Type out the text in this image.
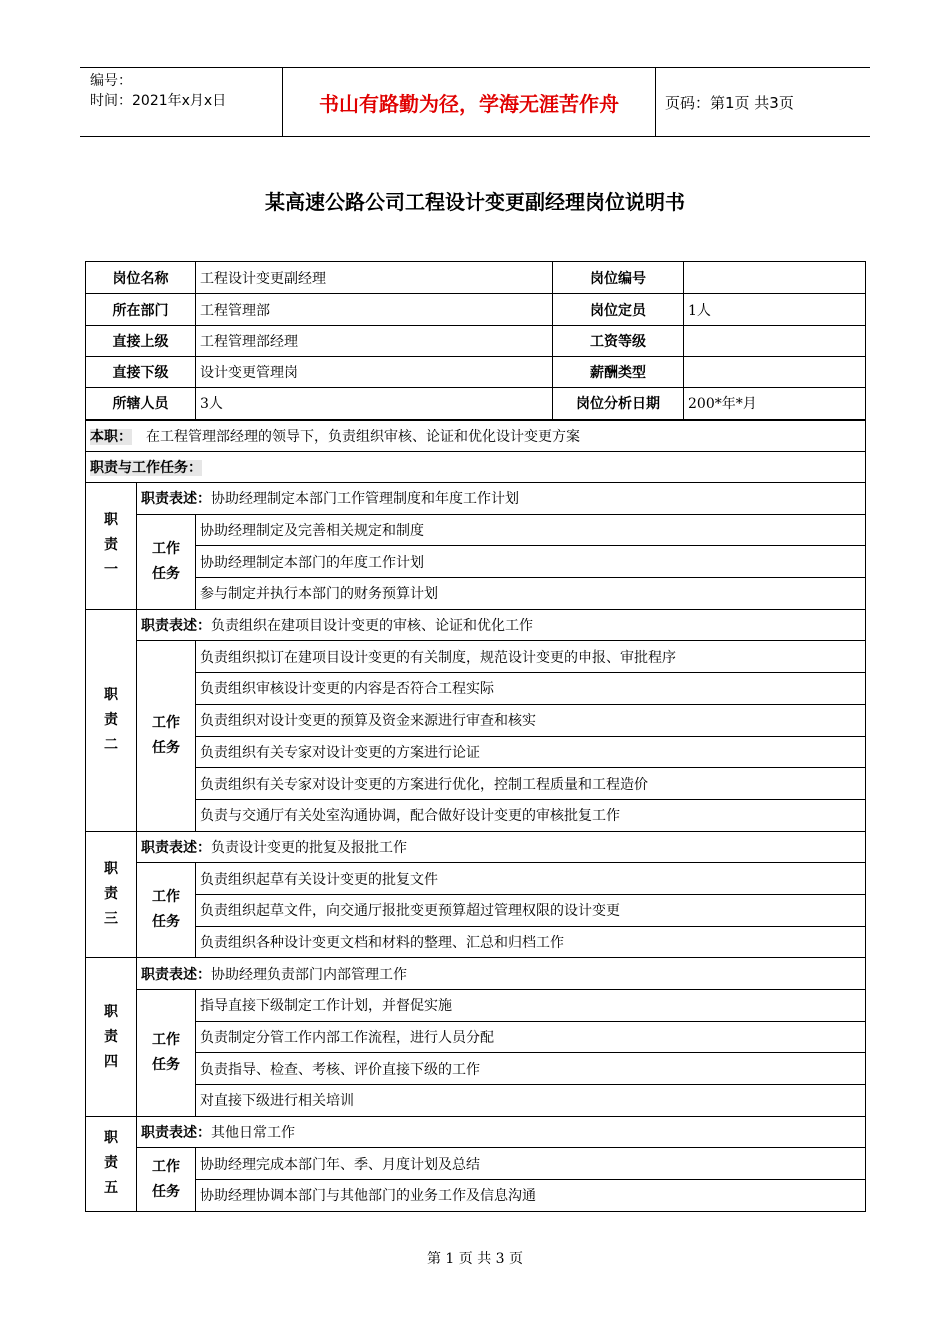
编号：
时间：2021年x月x日	书山有路勤为径，学海无涯苦作舟	页码：第1页 共3页
某高速公路公司工程设计变更副经理岗位说明书
岗位名称		工程设计变更副经理	岗位编号	
所在部门		工程管理部	岗位定员	1人
直接上级		工程管理部经理	工资等级	
直接下级		设计变更管理岗	薪酬类型	
所辖人员		3人	岗位分析日期	200*年*月
本职： 在工程管理部经理的领导下，负责组织审核、论证和优化设计变更方案				
职责与工作任务：				

职
责
一	职责表述：协助经理制定本部门工作管理制度和年度工作计划			

	工作
任务	协助经理制定及完善相关规定和制度		
		协助经理制定本部门的年度工作计划		
		参与制定并执行本部门的财务预算计划		

职
责
二	职责表述：负责组织在建项目设计变更的审核、论证和优化工作			

	工作
任务	负责组织拟订在建项目设计变更的有关制度，规范设计变更的申报、审批程序		
		负责组织审核设计变更的内容是否符合工程实际		
		负责组织对设计变更的预算及资金来源进行审查和核实		
		负责组织有关专家对设计变更的方案进行论证		
		负责组织有关专家对设计变更的方案进行优化，控制工程质量和工程造价		
		负责与交通厅有关处室沟通协调，配合做好设计变更的审核批复工作		

职
责
三	职责表述：负责设计变更的批复及报批工作			

	工作
任务	负责组织起草有关设计变更的批复文件		
		负责组织起草文件，向交通厅报批变更预算超过管理权限的设计变更		
		负责组织各种设计变更文档和材料的整理、汇总和归档工作		

职
责
四	职责表述：协助经理负责部门内部管理工作			

	工作
任务	指导直接下级制定工作计划，并督促实施		
		负责制定分管工作内部工作流程，进行人员分配		
		负责指导、检查、考核、评价直接下级的工作		
		对直接下级进行相关培训		

职
责
五	职责表述：其他日常工作			

	工作
任务	协助经理完成本部门年、季、月度计划及总结		
		协助经理协调本部门与其他部门的业务工作及信息沟通		
第 1 页 共 3 页
